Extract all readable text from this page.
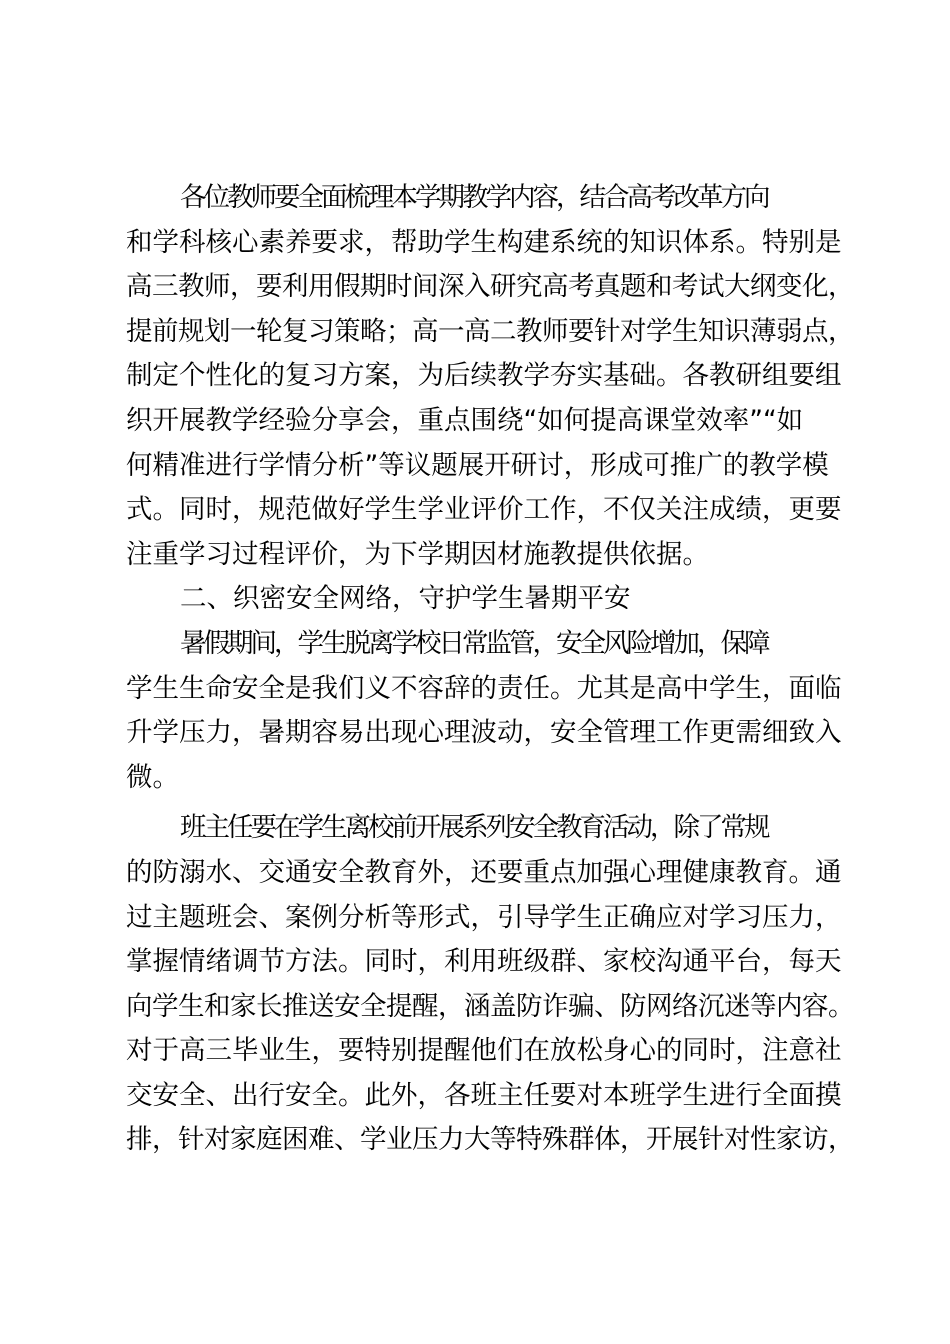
各位教师要全面梳理本学期教学内容，结合高考改革方向
和学科核心素养要求，帮助学生构建系统的知识体系。特别是
高三教师，要利用假期时间深入研究高考真题和考试大纲变化，
提前规划一轮复习策略；高一高二教师要针对学生知识薄弱点，
制定个性化的复习方案，为后续教学夯实基础。各教研组要组
织开展教学经验分享会，重点围绕“如何提高课堂效率”“如
何精准进行学情分析”等议题展开研讨，形成可推广的教学模
式。同时，规范做好学生学业评价工作，不仅关注成绩，更要
注重学习过程评价，为下学期因材施教提供依据。

二、织密安全网络，守护学生暑期平安

暑假期间，学生脱离学校日常监管，安全风险增加，保障
学生生命安全是我们义不容辞的责任。尤其是高中学生，面临
升学压力，暑期容易出现心理波动，安全管理工作更需细致入
微。

班主任要在学生离校前开展系列安全教育活动，除了常规
的防溺水、交通安全教育外，还要重点加强心理健康教育。通
过主题班会、案例分析等形式，引导学生正确应对学习压力，
掌握情绪调节方法。同时，利用班级群、家校沟通平台，每天
向学生和家长推送安全提醒，涵盖防诈骗、防网络沉迷等内容。
对于高三毕业生，要特别提醒他们在放松身心的同时，注意社
交安全、出行安全。此外，各班主任要对本班学生进行全面摸
排，针对家庭困难、学业压力大等特殊群体，开展针对性家访，
